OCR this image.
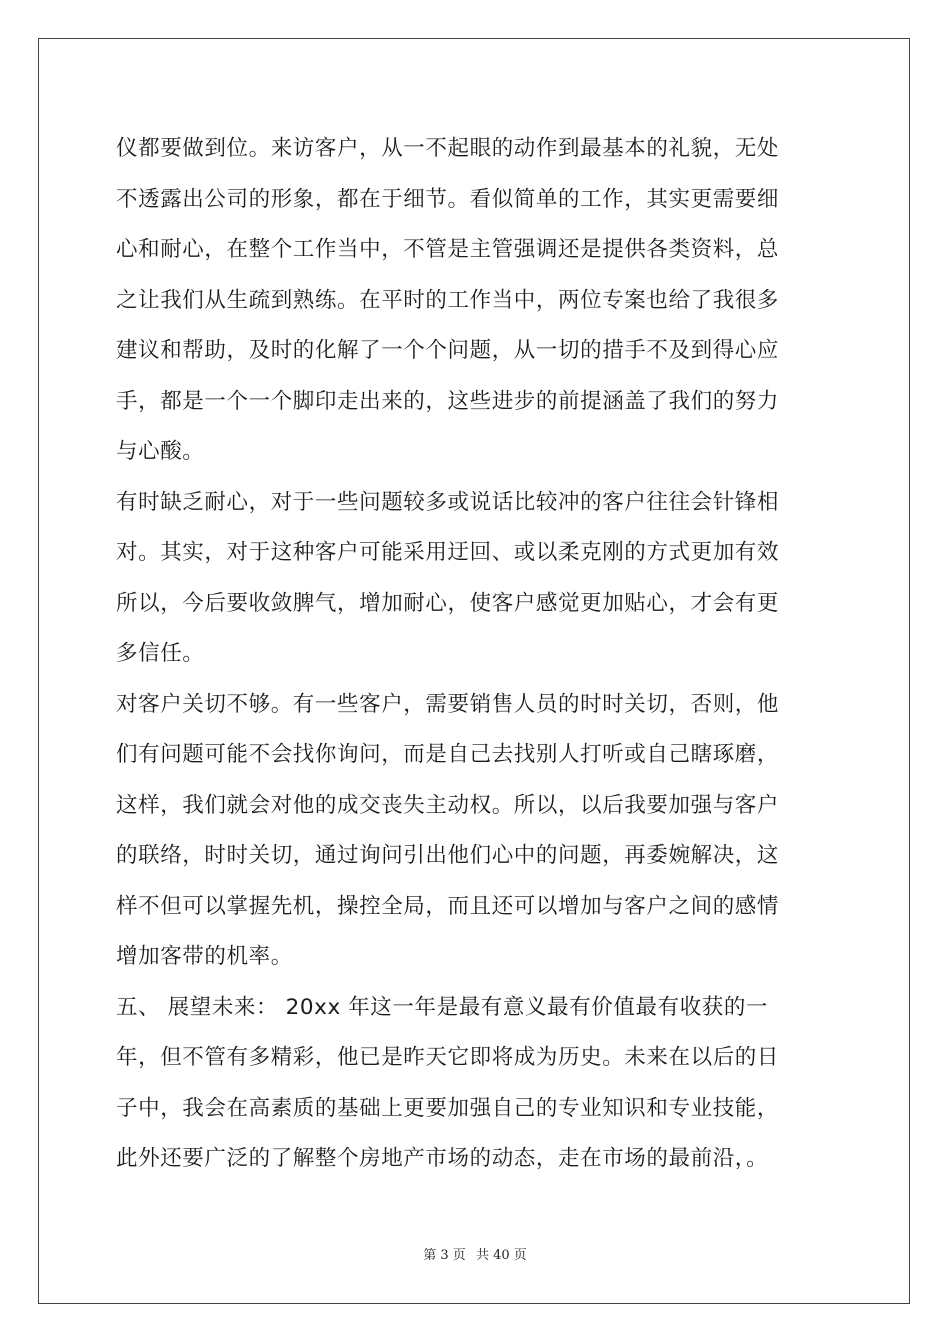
仪都要做到位。来访客户，从一不起眼的动作到最基本的礼貌，无处
不透露出公司的形象，都在于细节。看似简单的工作，其实更需要细
心和耐心，在整个工作当中，不管是主管强调还是提供各类资料，总
之让我们从生疏到熟练。在平时的工作当中，两位专案也给了我很多
建议和帮助，及时的化解了一个个问题，从一切的措手不及到得心应
手，都是一个一个脚印走出来的，这些进步的前提涵盖了我们的努力
与心酸。
有时缺乏耐心，对于一些问题较多或说话比较冲的客户往往会针锋相
对。其实，对于这种客户可能采用迂回、或以柔克刚的方式更加有效
所以，今后要收敛脾气，增加耐心，使客户感觉更加贴心，才会有更
多信任。
对客户关切不够。有一些客户，需要销售人员的时时关切，否则，他
们有问题可能不会找你询问，而是自己去找别人打听或自己瞎琢磨，
这样，我们就会对他的成交丧失主动权。所以，以后我要加强与客户
的联络，时时关切，通过询问引出他们心中的问题，再委婉解决，这
样不但可以掌握先机，操控全局，而且还可以增加与客户之间的感情
增加客带的机率。
五、 展望未来： 20xx 年这一年是最有意义最有价值最有收获的一
年，但不管有多精彩，他已是昨天它即将成为历史。未来在以后的日
子中，我会在高素质的基础上更要加强自己的专业知识和专业技能，
此外还要广泛的了解整个房地产市场的动态，走在市场的最前沿，。
第 3 页 共 40 页
